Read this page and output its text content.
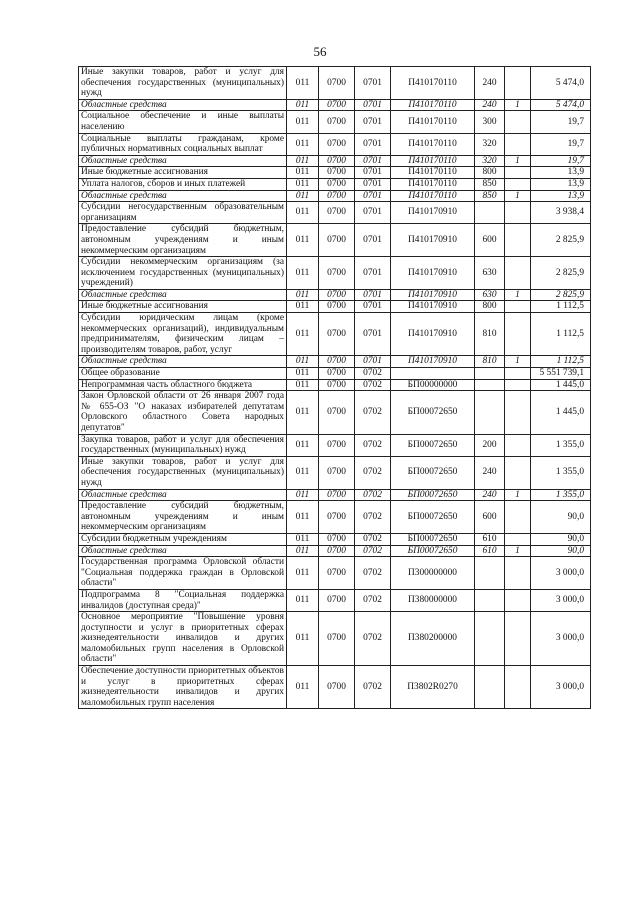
56
Иные закупки товаров, работ и услуг для обеспечения государственных (муниципальных) нужд	011	0700	0701	П410170110	240		5 474,0
Областные средства	011	0700	0701	П410170110	240	1	5 474,0
Социальное обеспечение и иные выплаты населению	011	0700	0701	П410170110	300		19,7
Социальные выплаты гражданам, кроме публичных нормативных социальных выплат	011	0700	0701	П410170110	320		19,7
Областные средства	011	0700	0701	П410170110	320	1	19,7
Иные бюджетные ассигнования	011	0700	0701	П410170110	800		13,9
Уплата налогов, сборов и иных платежей	011	0700	0701	П410170110	850		13,9
Областные средства	011	0700	0701	П410170110	850	1	13,9
Субсидии негосударственным образовательным организациям	011	0700	0701	П410170910			3 938,4
Предоставление субсидий бюджетным, автономным учреждениям и иным некоммерческим организациям	011	0700	0701	П410170910	600		2 825,9
Субсидии некоммерческим организациям (за исключением государственных (муниципальных) учреждений)	011	0700	0701	П410170910	630		2 825,9
Областные средства	011	0700	0701	П410170910	630	1	2 825,9
Иные бюджетные ассигнования	011	0700	0701	П410170910	800		1 112,5
Субсидии юридическим лицам (кроме некоммерческих организаций), индивидуальным предпринимателям, физическим лицам – производителям товаров, работ, услуг	011	0700	0701	П410170910	810		1 112,5
Областные средства	011	0700	0701	П410170910	810	1	1 112,5
Общее образование	011	0700	0702				5 551 739,1
Непрограммная часть областного бюджета	011	0700	0702	БП00000000			1 445,0
Закон Орловской области от 26 января 2007 года № 655-ОЗ "О наказах избирателей депутатам Орловского областного Совета народных депутатов"	011	0700	0702	БП00072650			1 445,0
Закупка товаров, работ и услуг для обеспечения государственных (муниципальных) нужд	011	0700	0702	БП00072650	200		1 355,0
Иные закупки товаров, работ и услуг для обеспечения государственных (муниципальных) нужд	011	0700	0702	БП00072650	240		1 355,0
Областные средства	011	0700	0702	БП00072650	240	1	1 355,0
Предоставление субсидий бюджетным, автономным учреждениям и иным некоммерческим организациям	011	0700	0702	БП00072650	600		90,0
Субсидии бюджетным учреждениям	011	0700	0702	БП00072650	610		90,0
Областные средства	011	0700	0702	БП00072650	610	1	90,0
Государственная программа Орловской области "Социальная поддержка граждан в Орловской области"	011	0700	0702	П300000000			3 000,0
Подпрограмма 8 "Социальная поддержка инвалидов (доступная среда)"	011	0700	0702	П380000000			3 000,0
Основное мероприятие "Повышение уровня доступности и услуг в приоритетных сферах жизнедеятельности инвалидов и других маломобильных групп населения в Орловской области"	011	0700	0702	П380200000			3 000,0
Обеспечение доступности приоритетных объектов и услуг в приоритетных сферах жизнедеятельности инвалидов и других маломобильных групп населения	011	0700	0702	П3802R0270			3 000,0
